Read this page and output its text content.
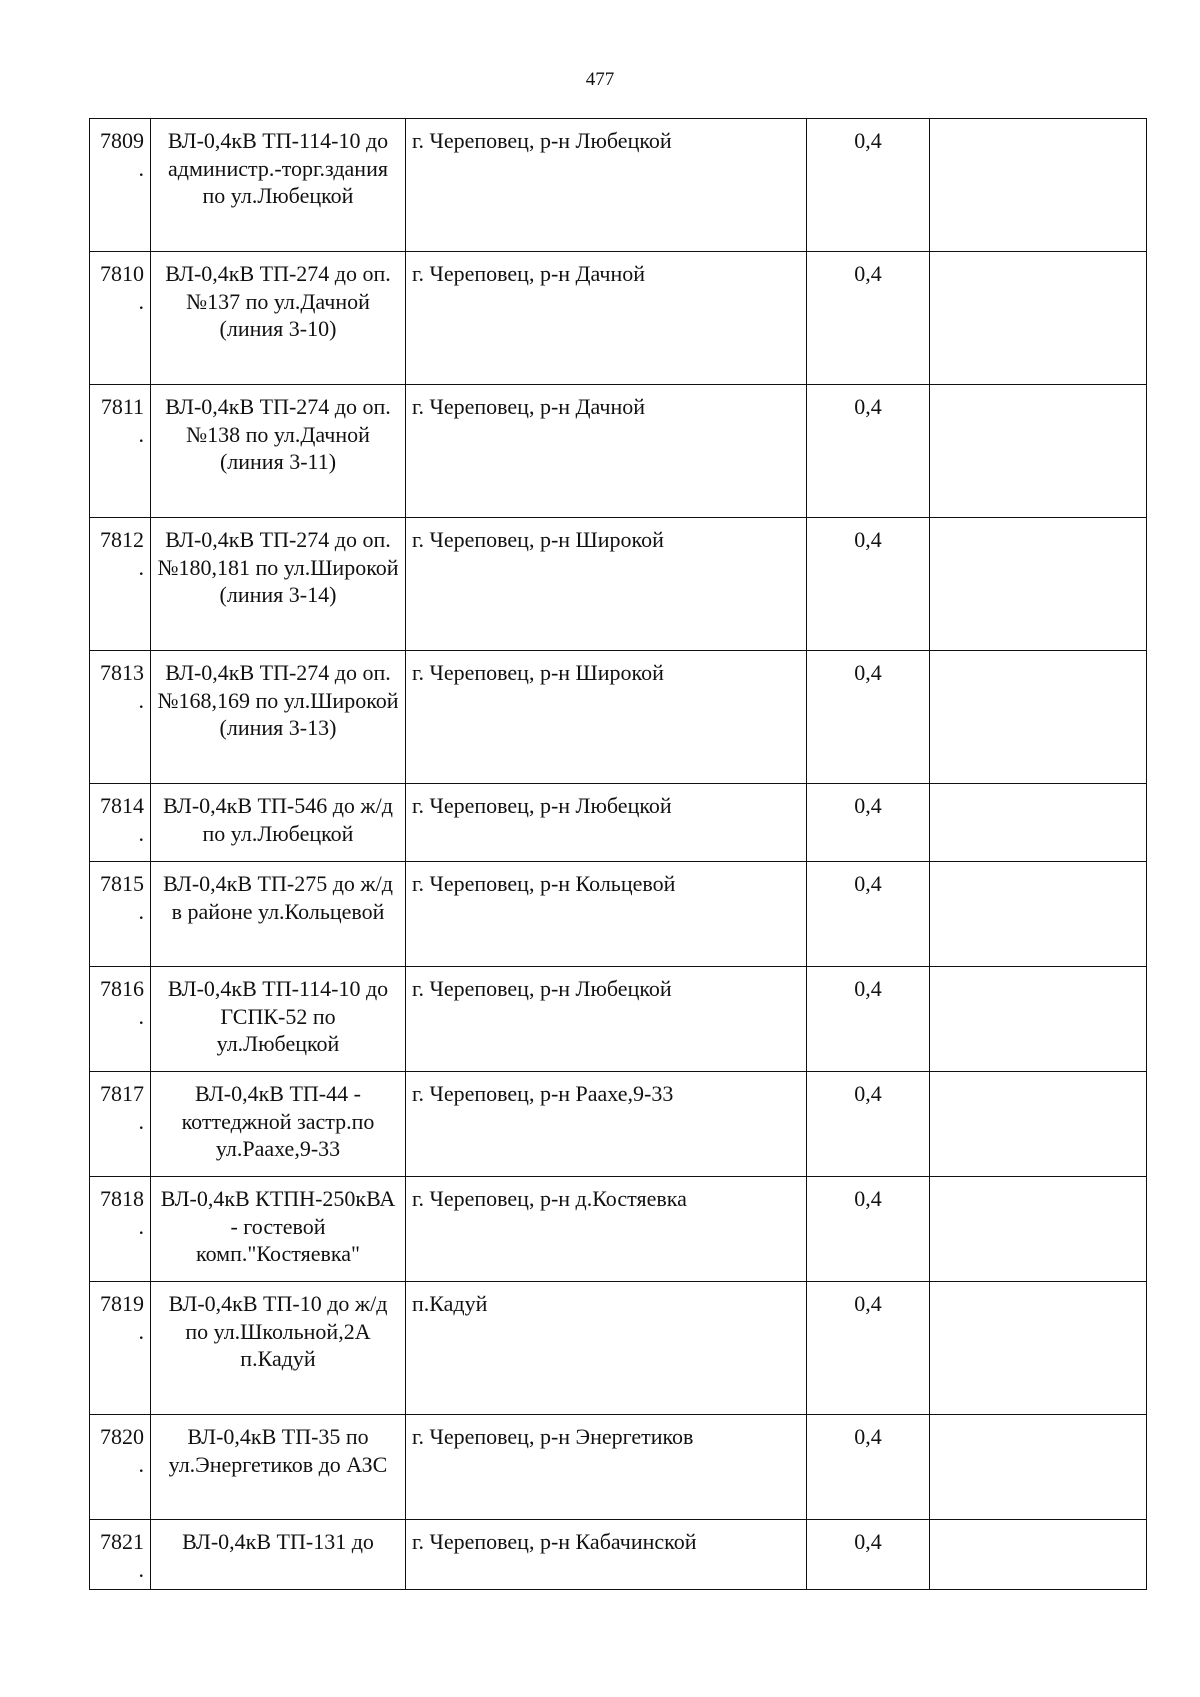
477
7809.	ВЛ-0,4кВ ТП-114-10 до администр.-торг.здания по ул.Любецкой	г. Череповец, р-н Любецкой	0,4	
7810.	ВЛ-0,4кВ ТП-274 до оп. №137 по ул.Дачной (линия 3-10)	г. Череповец, р-н Дачной	0,4	
7811.	ВЛ-0,4кВ ТП-274 до оп. №138 по ул.Дачной (линия 3-11)	г. Череповец, р-н Дачной	0,4	
7812.	ВЛ-0,4кВ ТП-274 до оп. №180,181 по ул.Широкой (линия 3-14)	г. Череповец, р-н Широкой	0,4	
7813.	ВЛ-0,4кВ ТП-274 до оп. №168,169 по ул.Широкой (линия 3-13)	г. Череповец, р-н Широкой	0,4	
7814.	ВЛ-0,4кВ ТП-546 до ж/д по ул.Любецкой	г. Череповец, р-н Любецкой	0,4	
7815.	ВЛ-0,4кВ ТП-275 до ж/д в районе ул.Кольцевой	г. Череповец, р-н Кольцевой	0,4	
7816.	ВЛ-0,4кВ ТП-114-10 до ГСПК-52 по ул.Любецкой	г. Череповец, р-н Любецкой	0,4	
7817.	ВЛ-0,4кВ ТП-44 - коттеджной застр.по ул.Раахе,9-33	г. Череповец, р-н Раахе,9-33	0,4	
7818.	ВЛ-0,4кВ КТПН-250кВА - гостевой комп."Костяевка"	г. Череповец, р-н д.Костяевка	0,4	
7819.	ВЛ-0,4кВ ТП-10 до ж/д по ул.Школьной,2А п.Кадуй	п.Кадуй	0,4	
7820.	ВЛ-0,4кВ ТП-35 по ул.Энергетиков до АЗС	г. Череповец, р-н Энергетиков	0,4	
7821.	ВЛ-0,4кВ ТП-131 до	г. Череповец, р-н Кабачинской	0,4	
